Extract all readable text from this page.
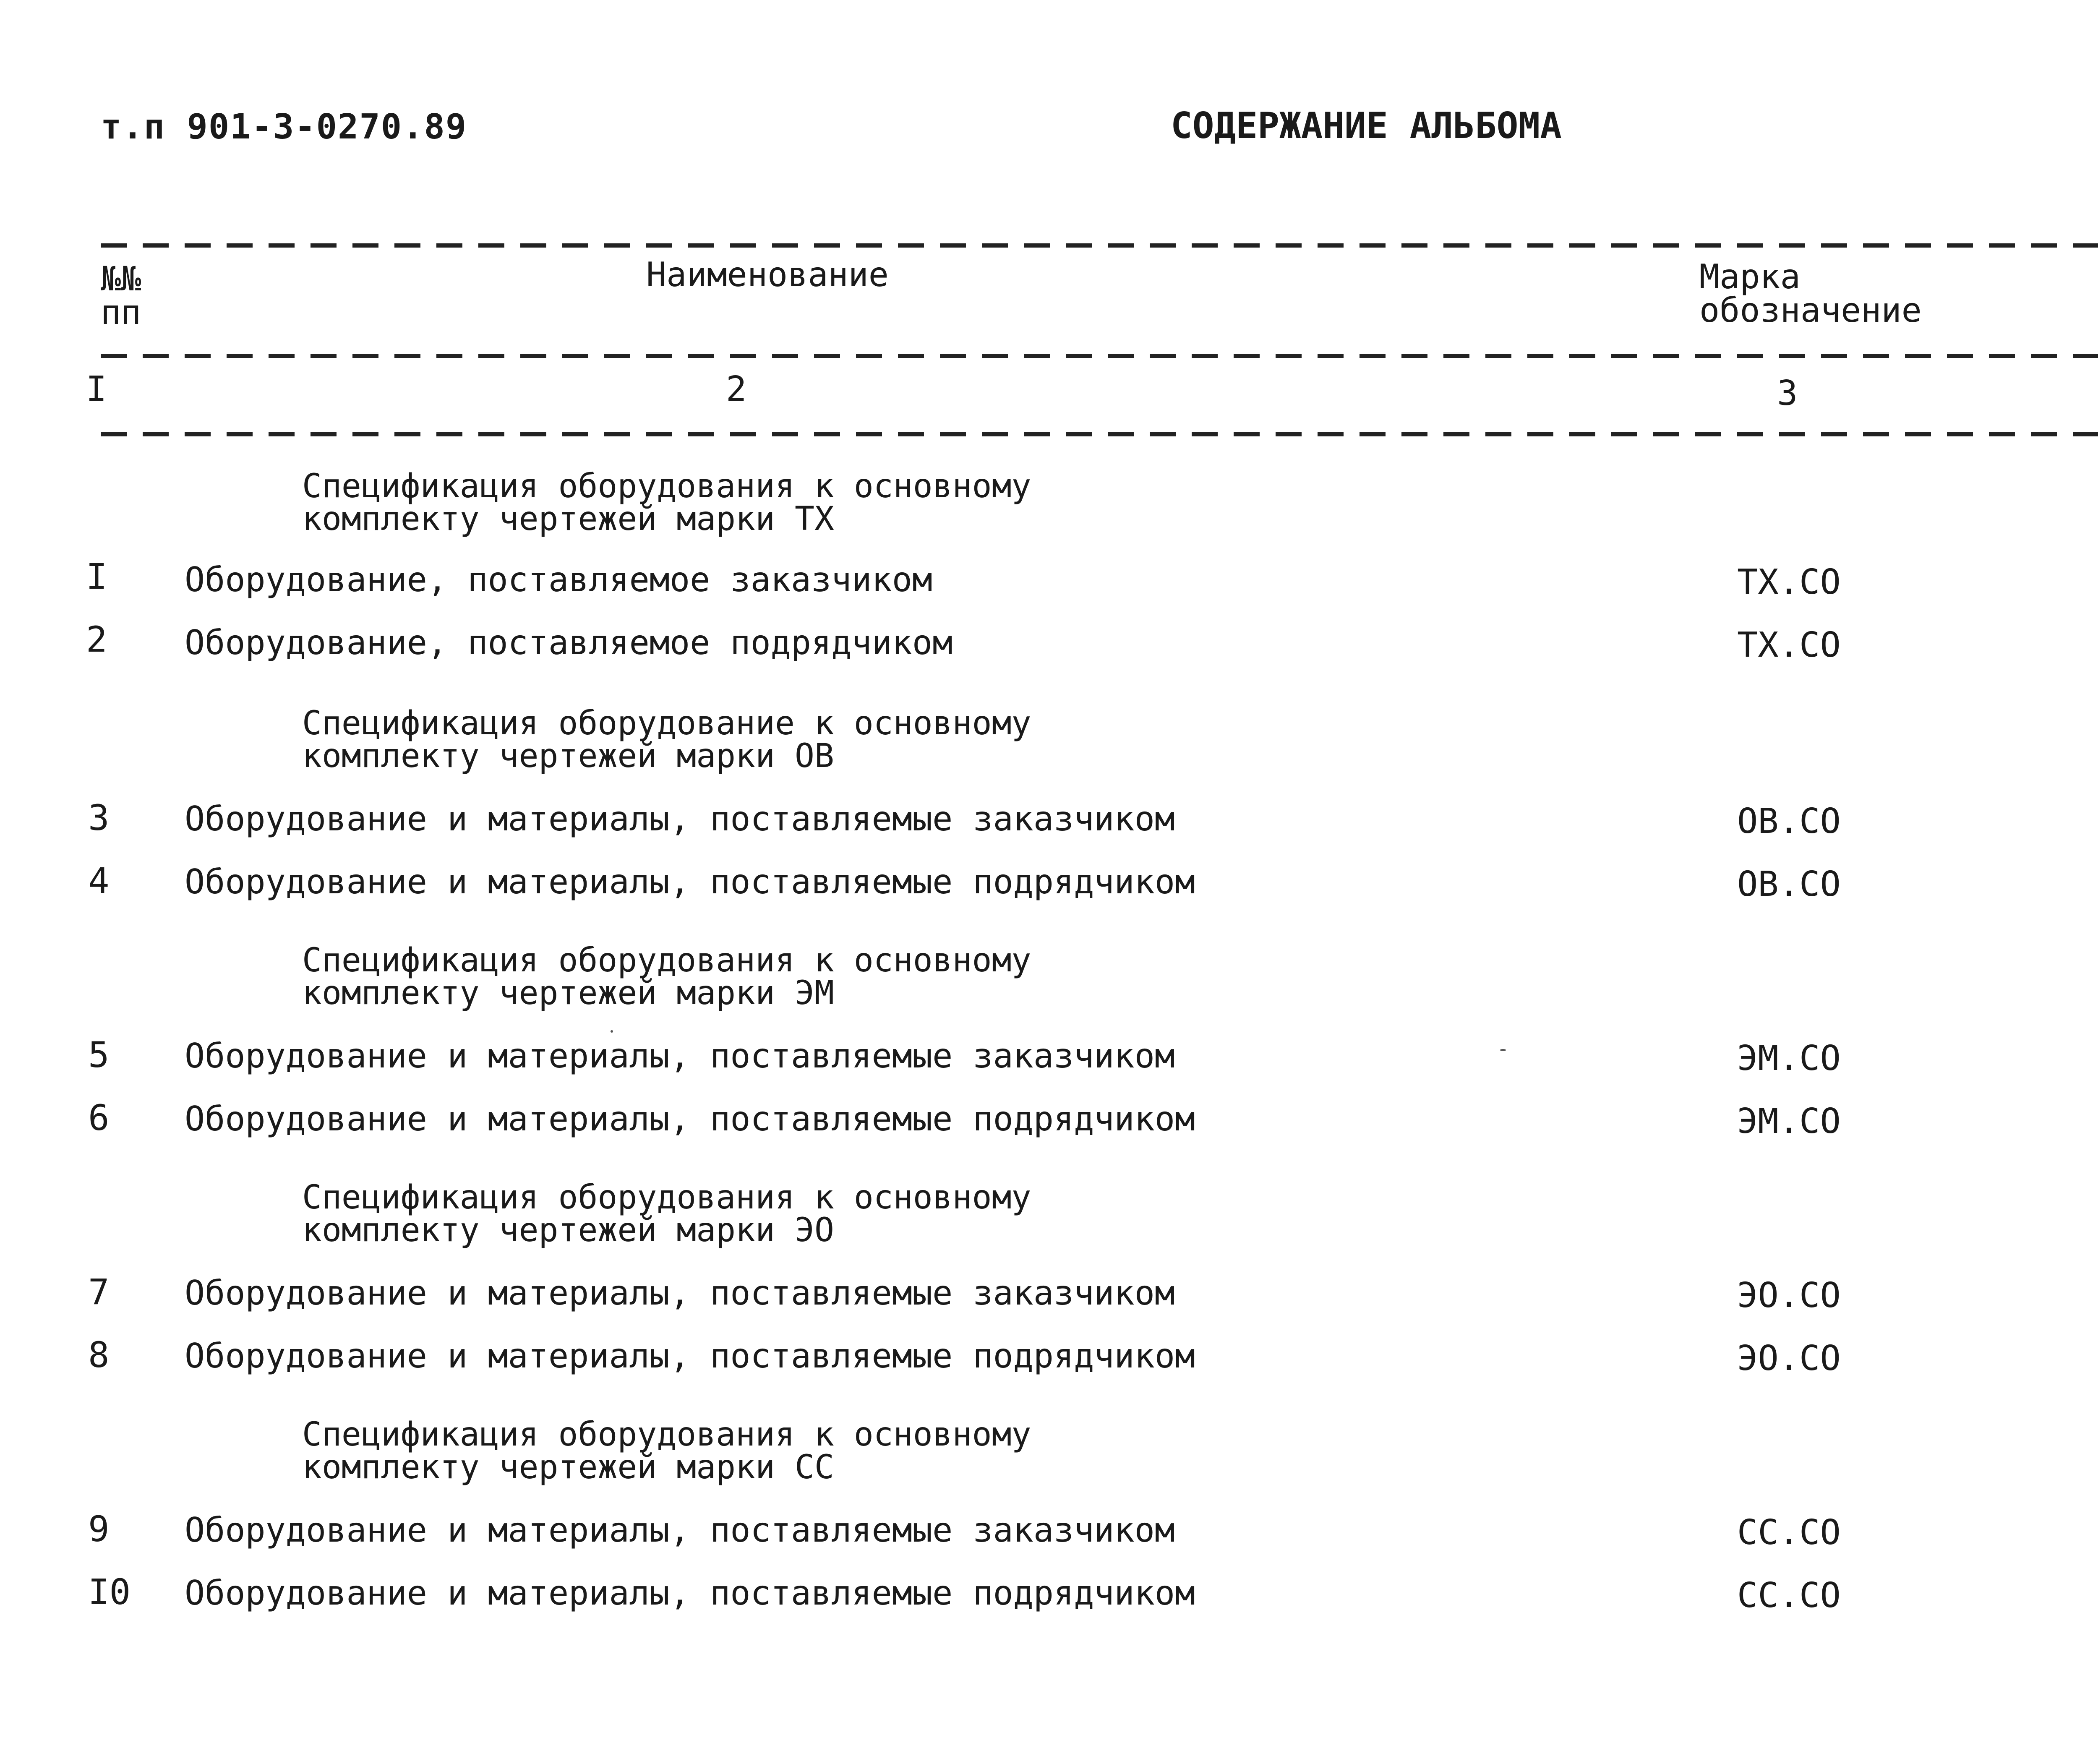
т.п 901-3-0270.89	СОДЕРЖАНИЕ АЛЬБОМА
№№
пп
Наименование	Марка
обозначение
I	2	3
Спецификация оборудования к основному
комплекту чертежей марки ТХ
I Оборудование, поставляемое заказчиком	ТХ.СО
2 Оборудование, поставляемое подрядчиком	ТХ.СО
Спецификация оборудование к основному
комплекту чертежей марки ОВ
3 Оборудование и материалы, поставляемые заказчиком	ОВ.СО
4 Оборудование и материалы, поставляемые подрядчиком	ОВ.СО
Спецификация оборудования к основному
комплекту чертежей марки ЭМ
5 Оборудование и материалы, поставляемые заказчиком	ЭМ.СО
6 Оборудование и материалы, поставляемые подрядчиком	ЭМ.СО
Спецификация оборудования к основному
комплекту чертежей марки ЭО
7 Оборудование и материалы, поставляемые заказчиком	ЭО.СО
8 Оборудование и материалы, поставляемые подрядчиком	ЭО.СО
Спецификация оборудования к основному
комплекту чертежей марки СС
9 Оборудование и материалы, поставляемые заказчиком	СС.СО
I0 Оборудование и материалы, поставляемые подрядчиком	СС.СО
